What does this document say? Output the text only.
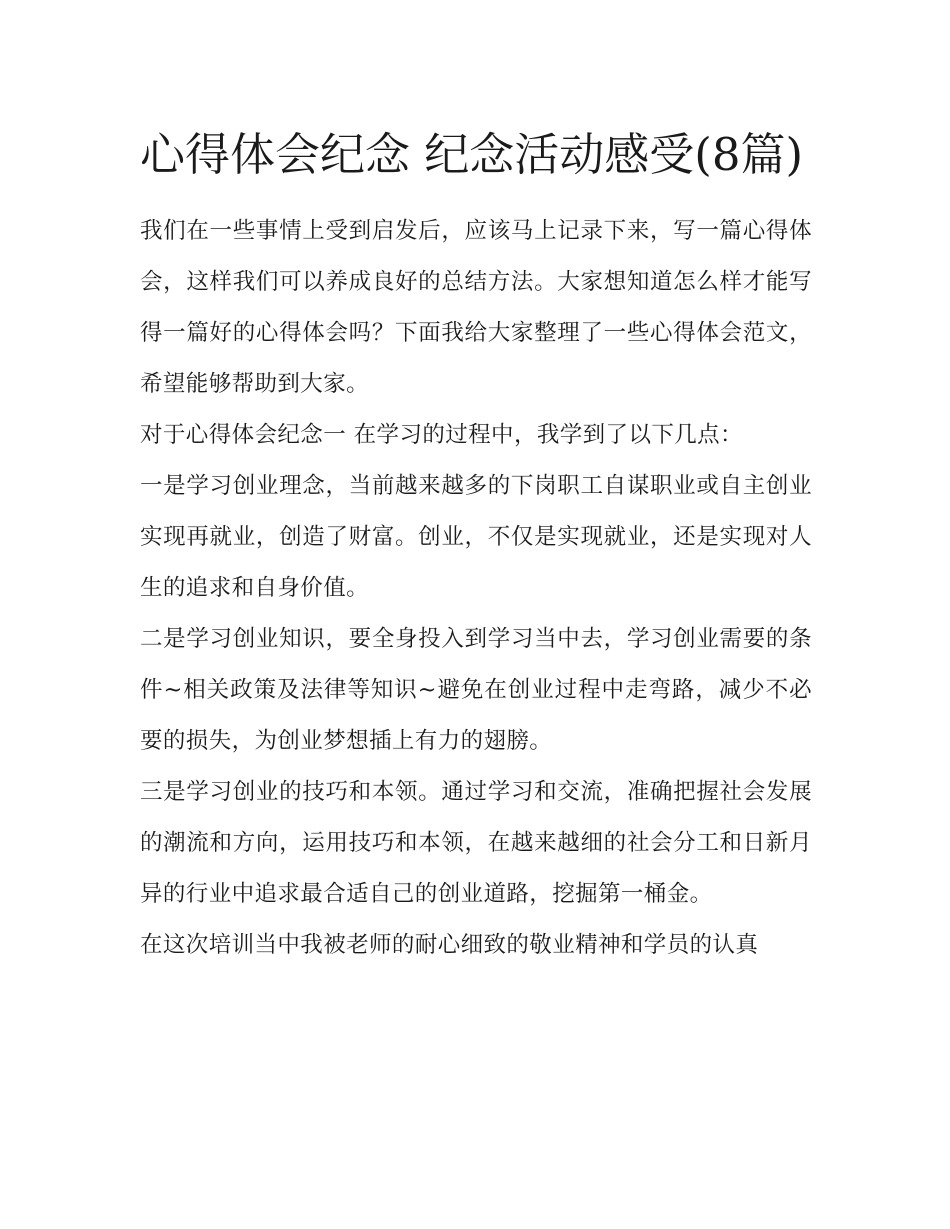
心得体会纪念 纪念活动感受(8篇)

我们在一些事情上受到启发后，应该马上记录下来，写一篇心得体会，这样我们可以养成良好的总结方法。大家想知道怎么样才能写得一篇好的心得体会吗？下面我给大家整理了一些心得体会范文，希望能够帮助到大家。

对于心得体会纪念一 在学习的过程中，我学到了以下几点：

一是学习创业理念，当前越来越多的下岗职工自谋职业或自主创业实现再就业，创造了财富。创业，不仅是实现就业，还是实现对人生的追求和自身价值。

二是学习创业知识，要全身投入到学习当中去，学习创业需要的条件~相关政策及法律等知识~避免在创业过程中走弯路，减少不必要的损失，为创业梦想插上有力的翅膀。

三是学习创业的技巧和本领。通过学习和交流，准确把握社会发展的潮流和方向，运用技巧和本领，在越来越细的社会分工和日新月异的行业中追求最合适自己的创业道路，挖掘第一桶金。

在这次培训当中我被老师的耐心细致的敬业精神和学员的认真
